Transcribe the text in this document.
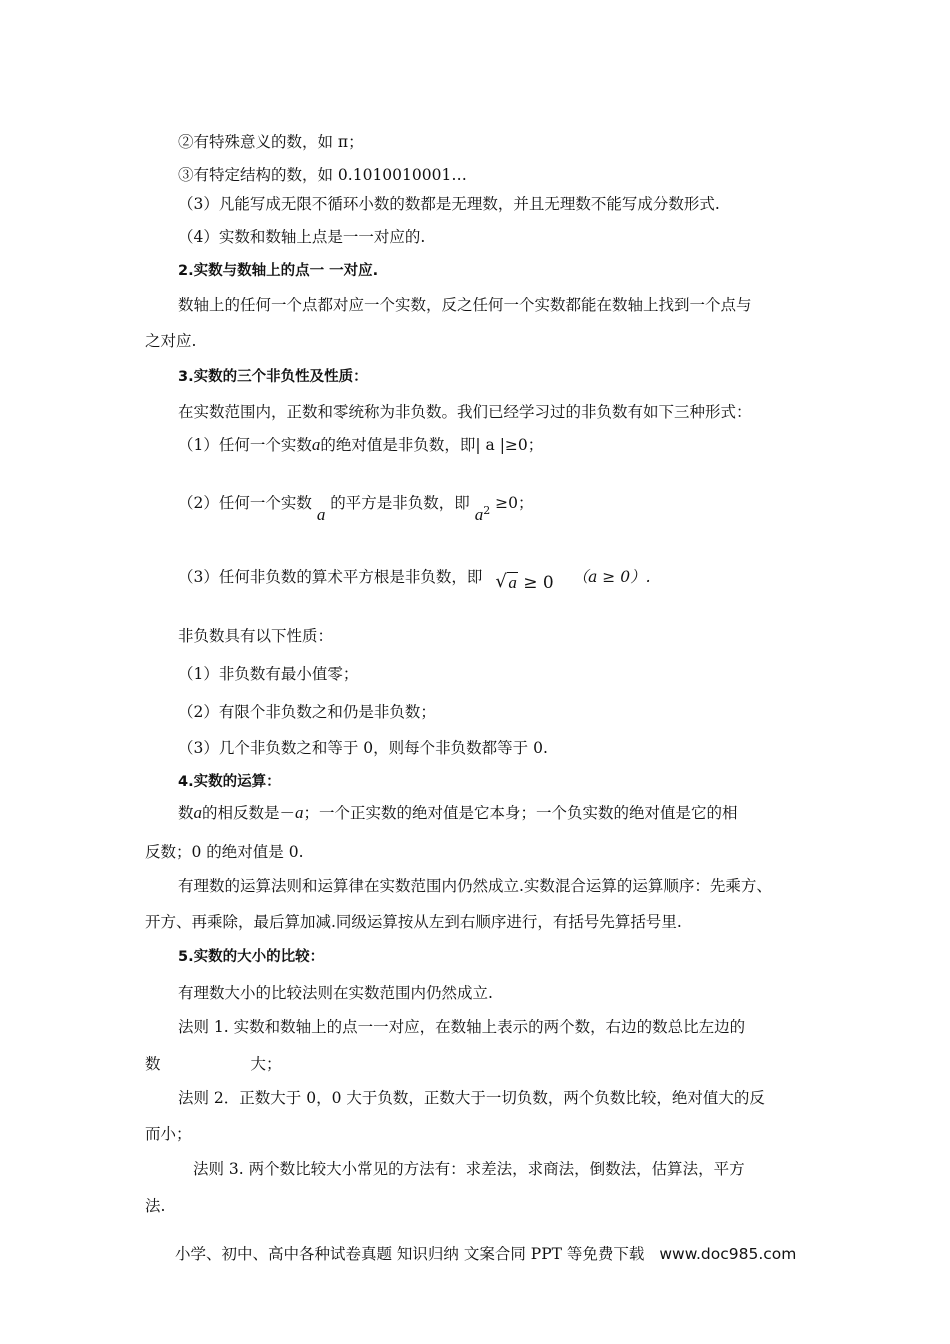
②有特殊意义的数，如 π；
③有特定结构的数，如 0.1010010001…
（3）凡能写成无限不循环小数的数都是无理数，并且无理数不能写成分数形式.
（4）实数和数轴上点是一一对应的.
2.实数与数轴上的点一 一对应.
数轴上的任何一个点都对应一个实数，反之任何一个实数都能在数轴上找到一个点与
之对应.
3.实数的三个非负性及性质：
在实数范围内，正数和零统称为非负数。我们已经学习过的非负数有如下三种形式：
（1）任何一个实数a的绝对值是非负数，即| a |≥0；
（2）任何一个实数 a 的平方是非负数，即 $a^2 \ge 0$；
（3）任何非负数的算术平方根是非负数，即 √ a ≥ 0 （a ≥ 0）.
非负数具有以下性质：
（1）非负数有最小值零；
（2）有限个非负数之和仍是非负数；
（3）几个非负数之和等于 0，则每个非负数都等于 0.
4.实数的运算：
数a的相反数是－a；一个正实数的绝对值是它本身；一个负实数的绝对值是它的相
反数；0 的绝对值是 0.
有理数的运算法则和运算律在实数范围内仍然成立.实数混合运算的运算顺序：先乘方、
开方、再乘除，最后算加减.同级运算按从左到右顺序进行，有括号先算括号里.
5.实数的大小的比较：
有理数大小的比较法则在实数范围内仍然成立.
法则 1. 实数和数轴上的点一一对应，在数轴上表示的两个数，右边的数总比左边的
数	大；
法则 2．正数大于 0，0 大于负数，正数大于一切负数，两个负数比较，绝对值大的反
而小；
法则 3. 两个数比较大小常见的方法有：求差法，求商法，倒数法，估算法，平方
法.
小学、初中、高中各种试卷真题 知识归纳 文案合同 PPT 等免费下载 www.doc985.com
